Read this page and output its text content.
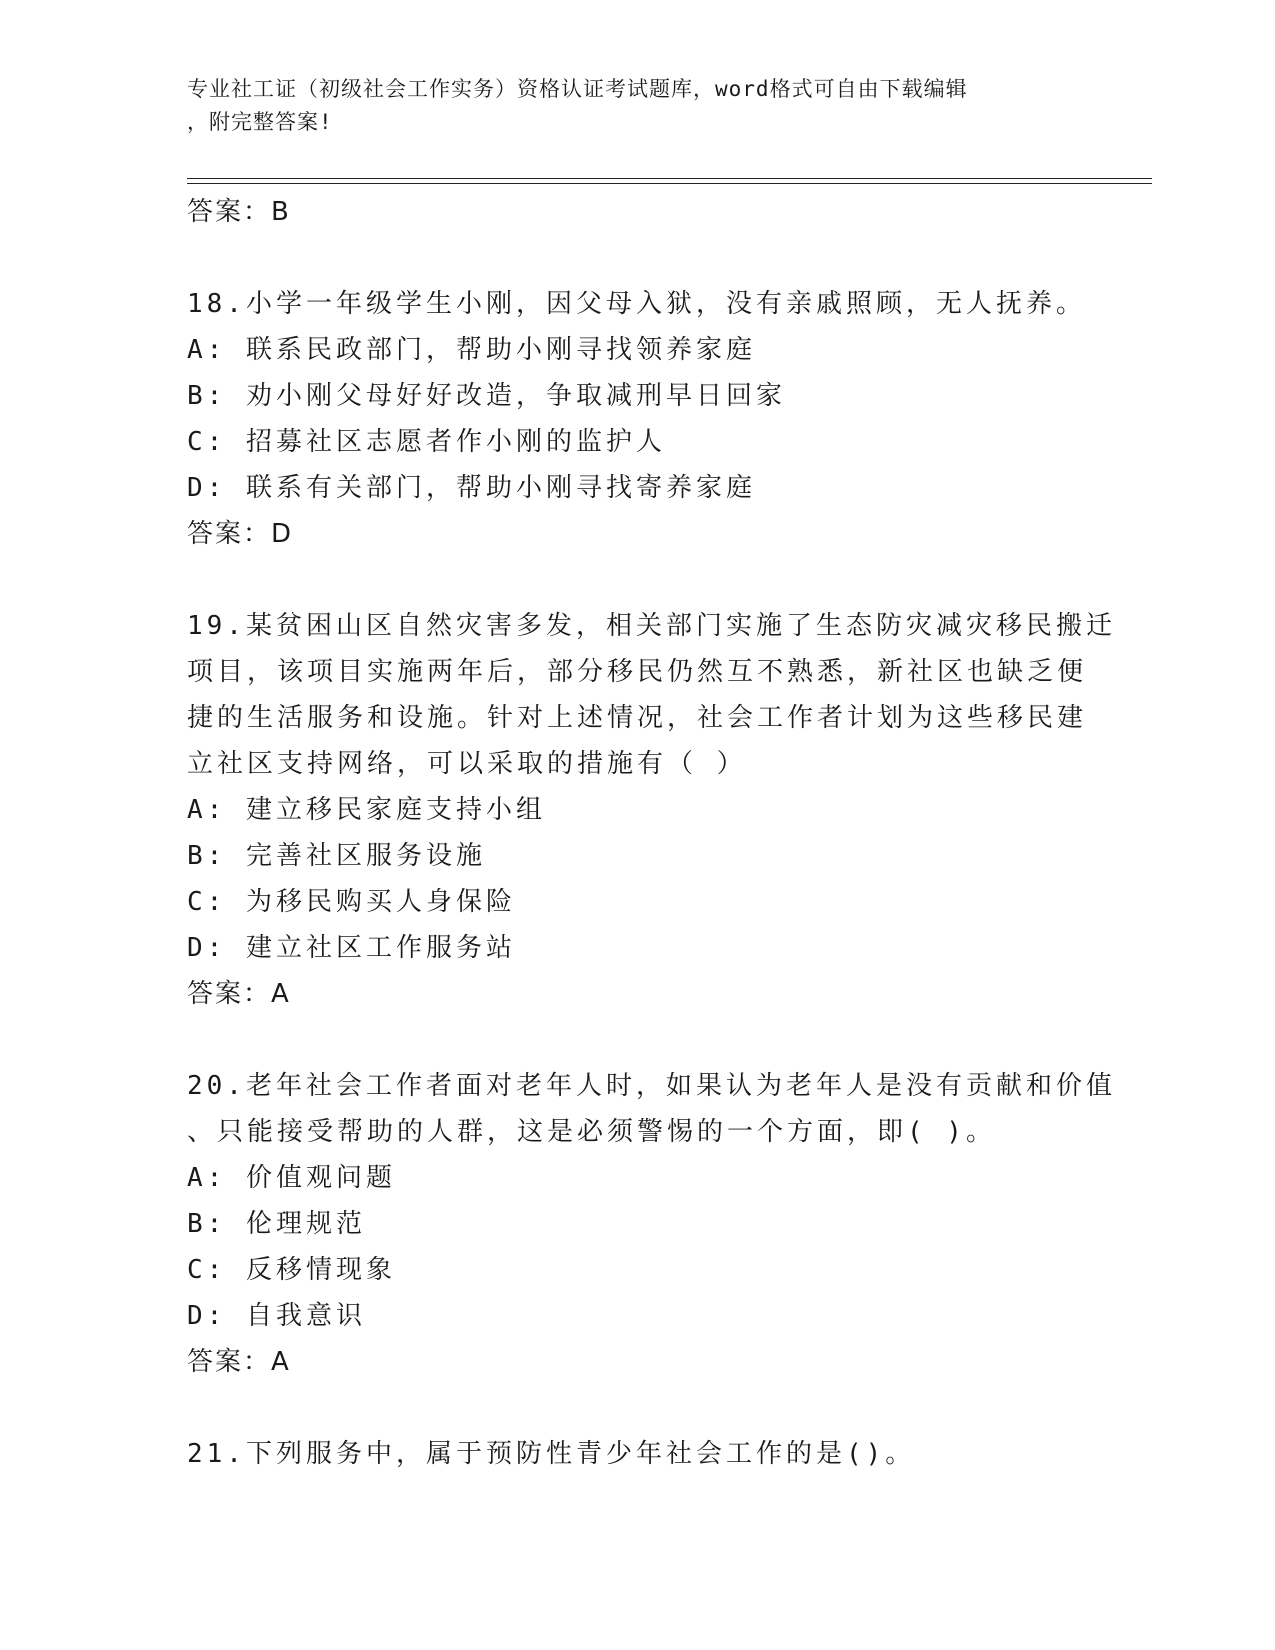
专业社工证（初级社会工作实务）资格认证考试题库，word格式可自由下载编辑
，附完整答案!
答案：B
18.小学一年级学生小刚，因父母入狱，没有亲戚照顾，无人抚养。
A: 联系民政部门，帮助小刚寻找领养家庭
B: 劝小刚父母好好改造，争取减刑早日回家
C: 招募社区志愿者作小刚的监护人
D: 联系有关部门，帮助小刚寻找寄养家庭
答案：D
19.某贫困山区自然灾害多发，相关部门实施了生态防灾减灾移民搬迁
项目，该项目实施两年后，部分移民仍然互不熟悉，新社区也缺乏便
捷的生活服务和设施。针对上述情况，社会工作者计划为这些移民建
立社区支持网络，可以采取的措施有（ ）
A: 建立移民家庭支持小组
B: 完善社区服务设施
C: 为移民购买人身保险
D: 建立社区工作服务站
答案：A
20.老年社会工作者面对老年人时，如果认为老年人是没有贡献和价值
、只能接受帮助的人群，这是必须警惕的一个方面，即( )。
A: 价值观问题
B: 伦理规范
C: 反移情现象
D: 自我意识
答案：A
21.下列服务中，属于预防性青少年社会工作的是()。
